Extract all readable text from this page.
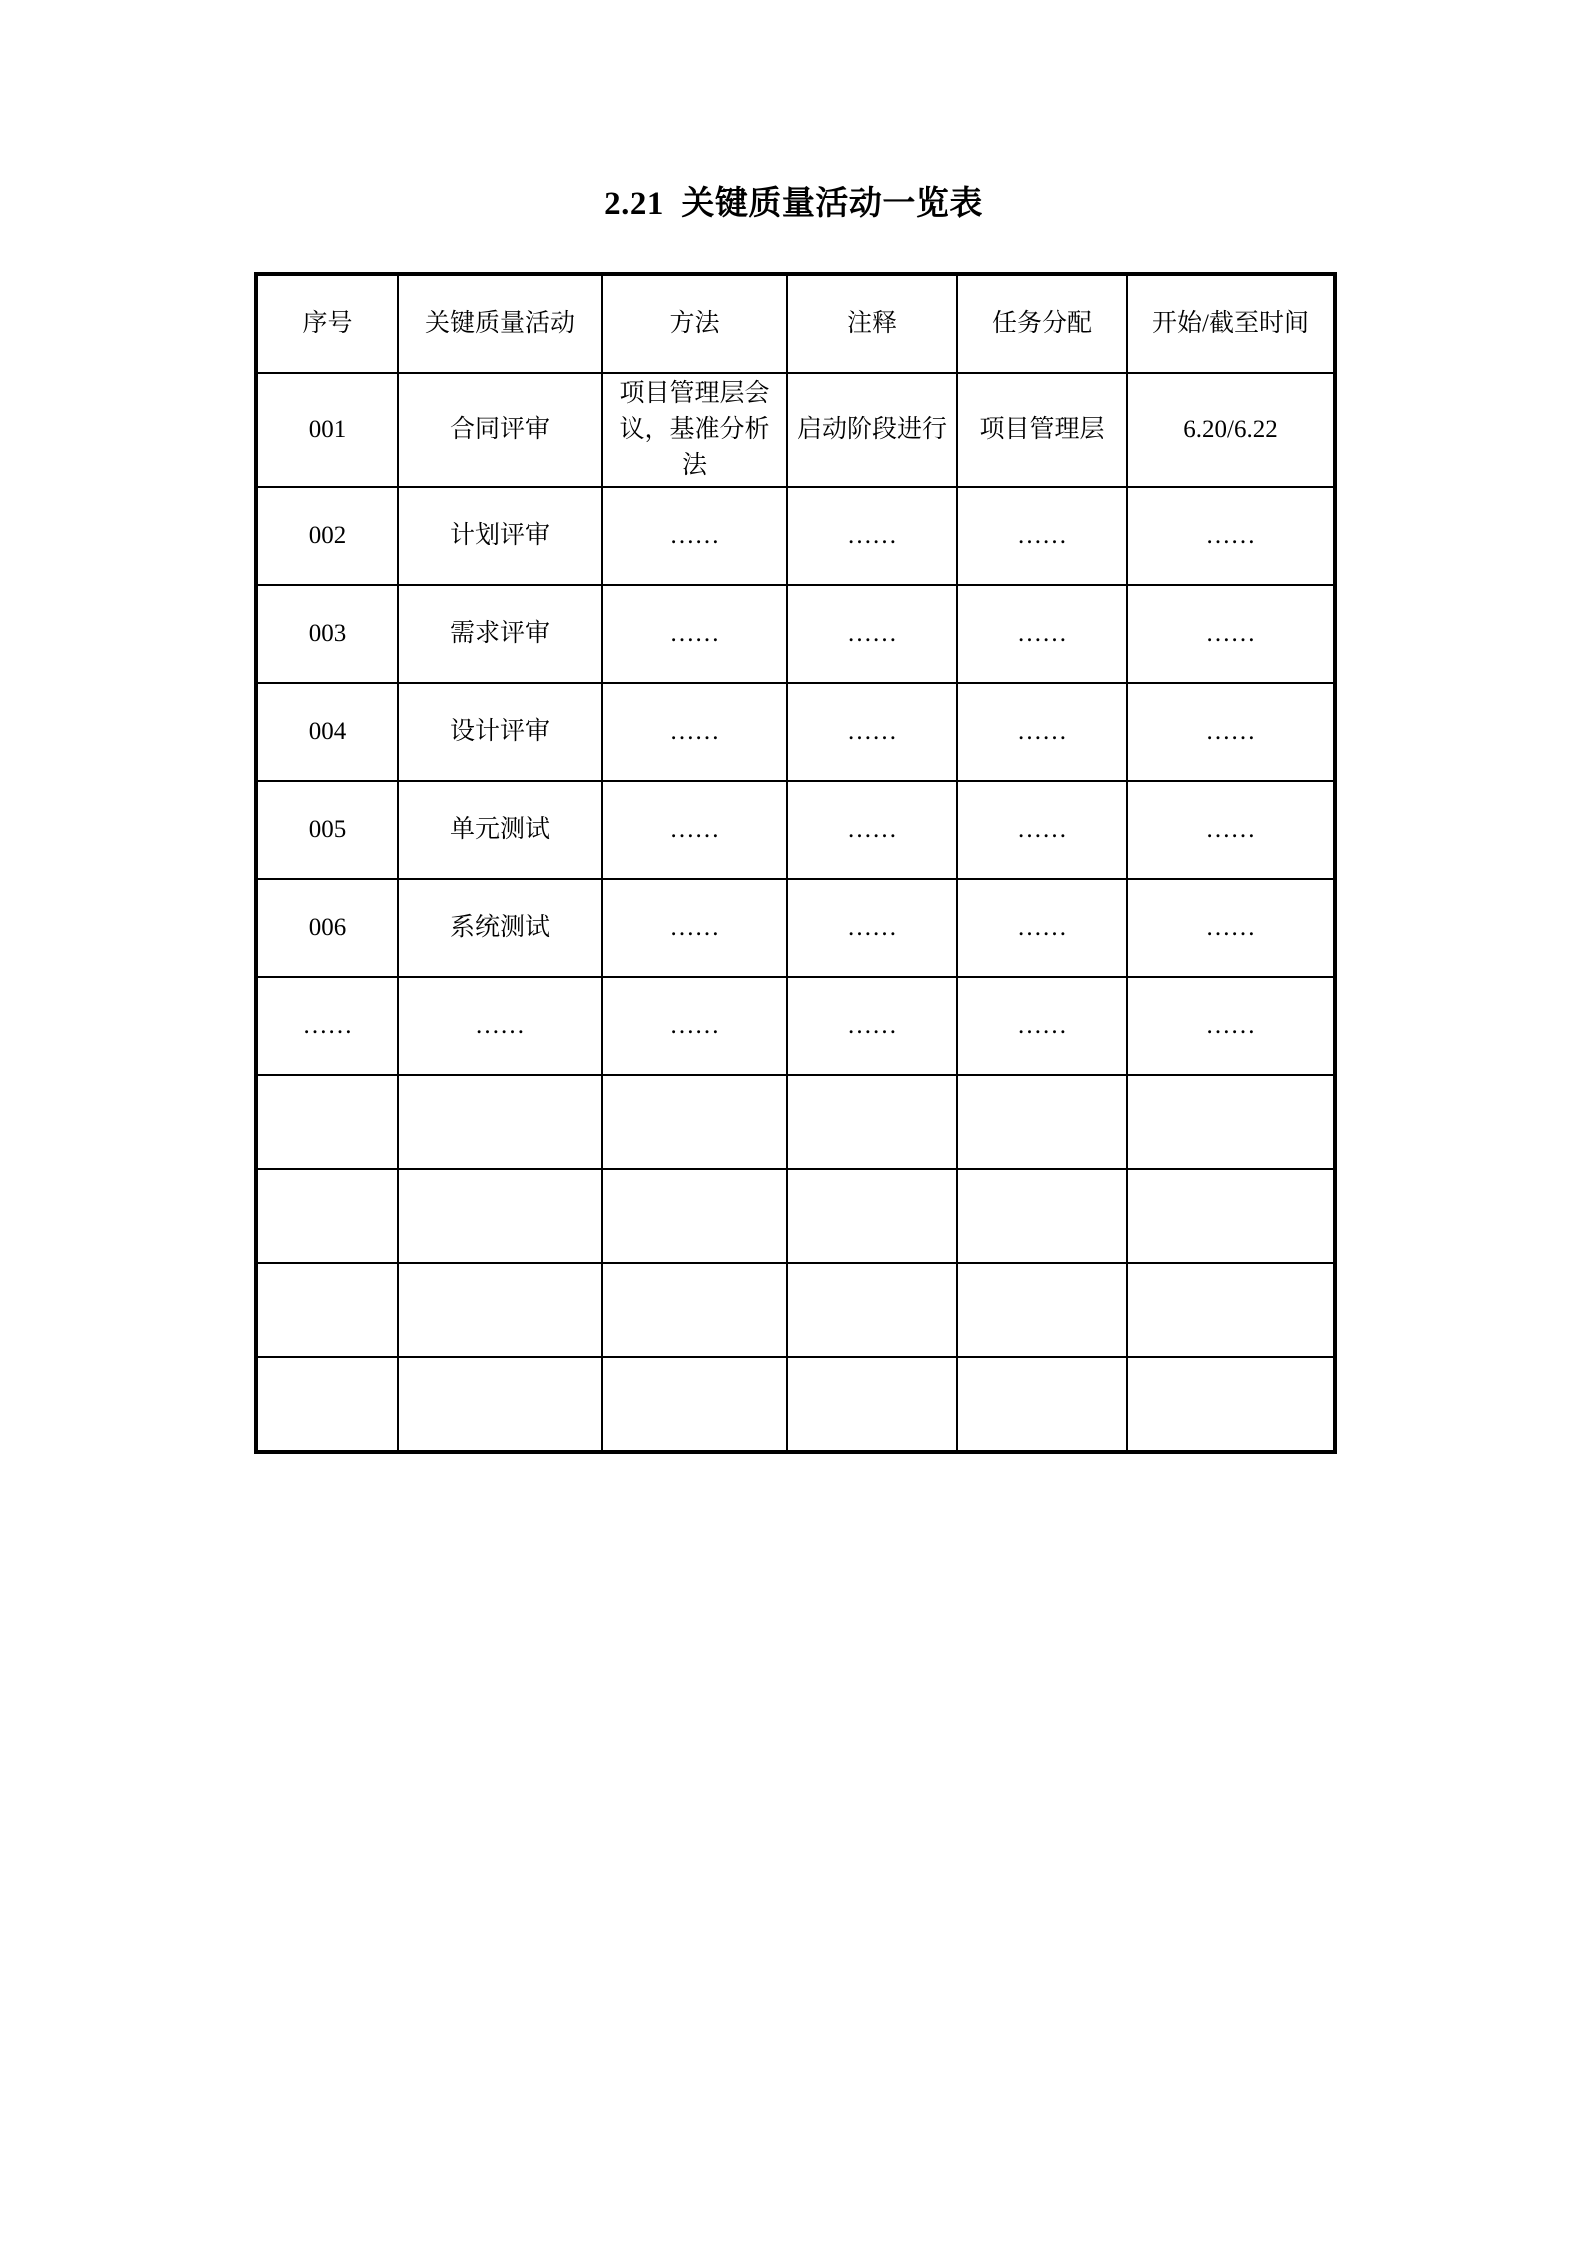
2.21  关键质量活动一览表
序号	关键质量活动	方法	注释	任务分配	开始/截至时间
001	合同评审	项目管理层会议，基准分析法	启动阶段进行	项目管理层	6.20/6.22
002	计划评审	……	……	……	……
003	需求评审	……	……	……	……
004	设计评审	……	……	……	……
005	单元测试	……	……	……	……
006	系统测试	……	……	……	……
……	……	……	……	……	……
